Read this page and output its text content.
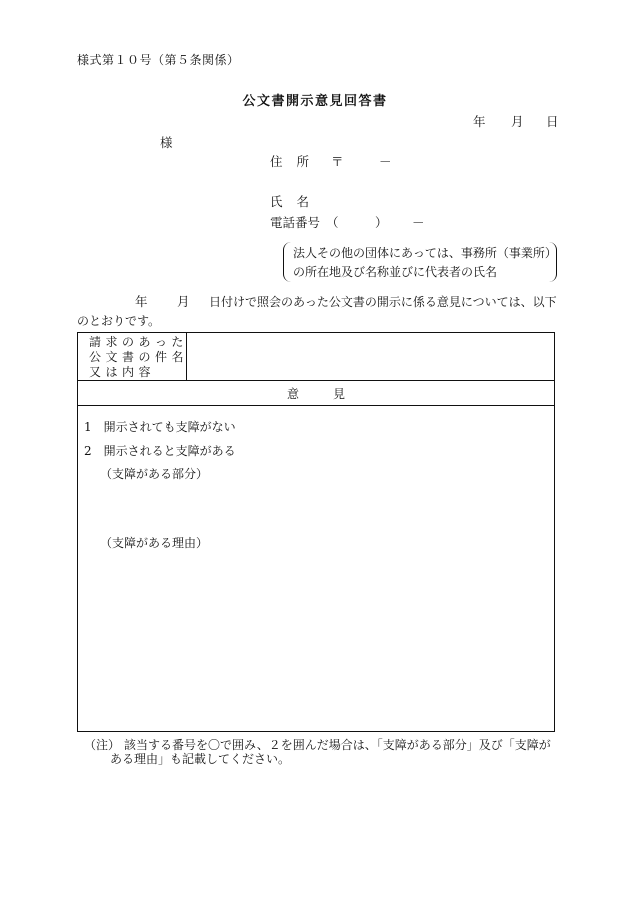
様式第１０号（第５条関係）
公文書開示意見回答書
年 月 日
様
住所 〒	－
氏名
電話番号 （	） －
法人その他の団体にあっては、事務所（事業所）
の所在地及び名称並びに代表者の氏名
年 月 日付けで照会のあった公文書の開示に係る意見については、以下
のとおりです。
請求のあった
公文書の件名
又は内容
意見
1　開示されても支障がない
2　開示されると支障がある
（支障がある部分）
（支障がある理由）
（注） 該当する番号を〇で囲み、２を囲んだ場合は、「支障がある部分」及び「支障が
ある理由」も記載してください。
